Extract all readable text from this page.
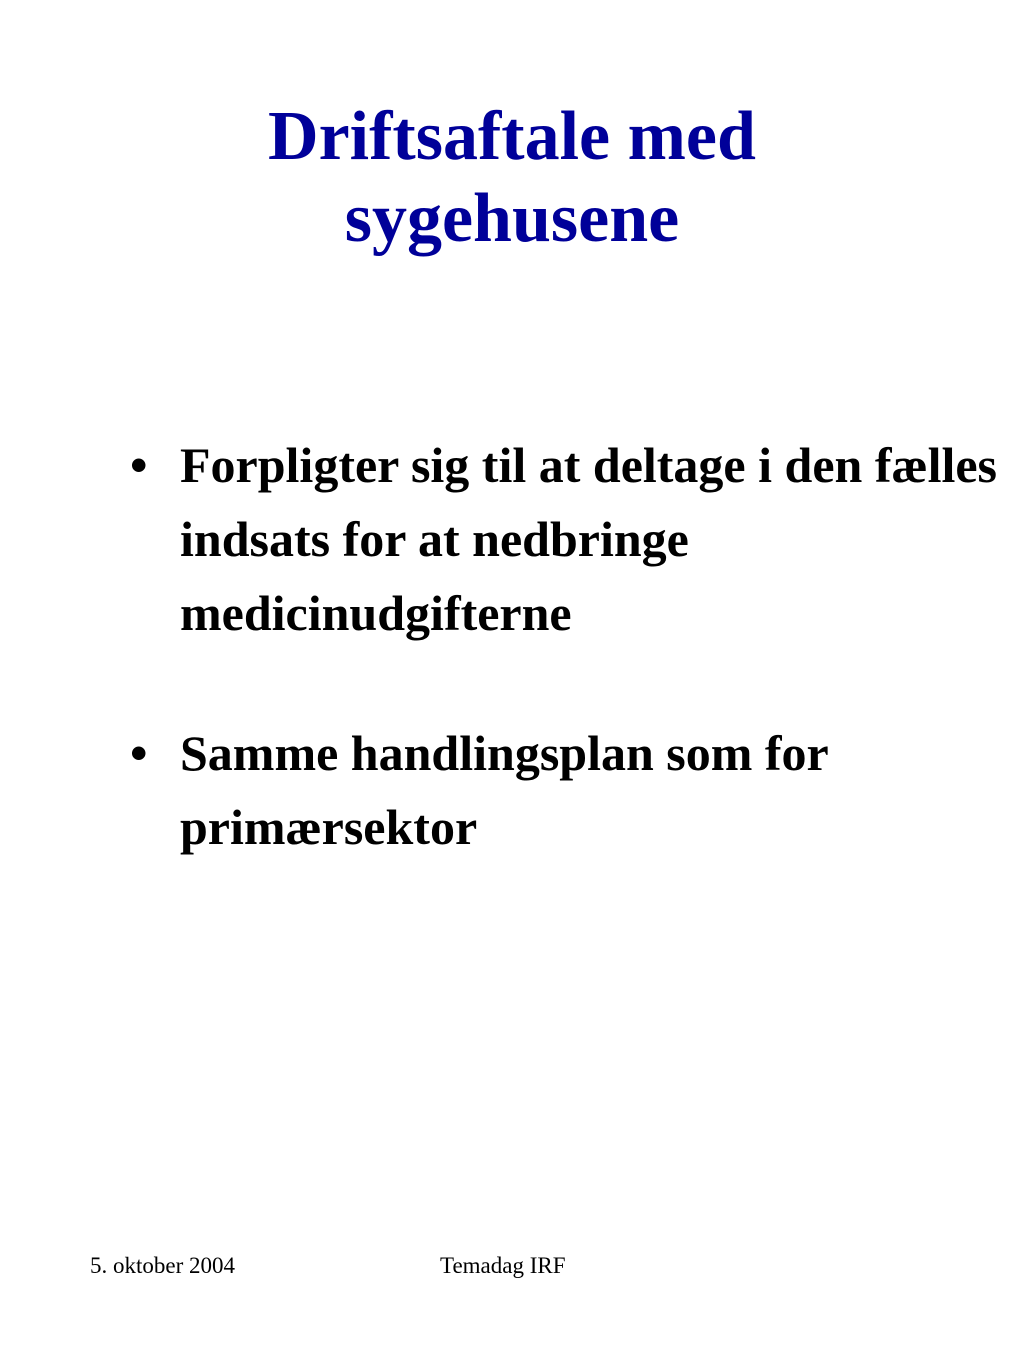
Driftsaftale med
sygehusene
• Forpligter sig til at deltage i den fælles indsats for at nedbringe medicinudgifterne
• Samme handlingsplan som for primærsektor
5. oktober 2004	Temadag IRF
